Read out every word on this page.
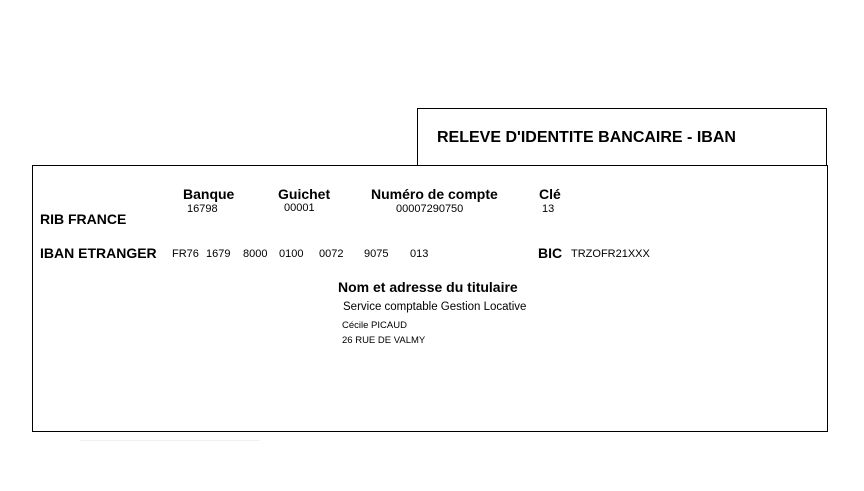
RELEVE D'IDENTITE BANCAIRE - IBAN
Banque	Guichet	Numéro de compte	Clé
16798	00001	00007290750	13
RIB FRANCE
IBAN ETRANGER FR76 1679 8000 0100 0072 9075 013	BIC TRZOFR21XXX
Nom et adresse du titulaire
Service comptable Gestion Locative
Cécile PICAUD
26 RUE DE VALMY
